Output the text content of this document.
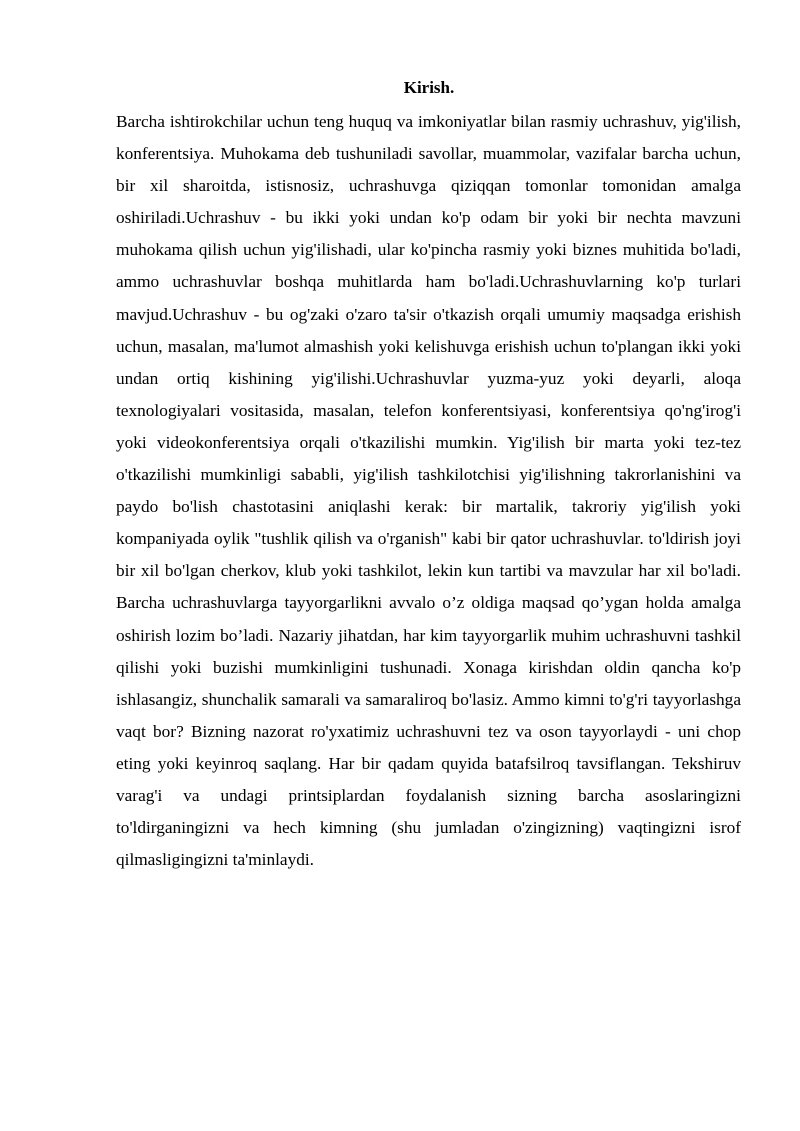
Kirish.

Barcha ishtirokchilar uchun teng huquq va imkoniyatlar bilan rasmiy uchrashuv, yig'ilish, konferentsiya. Muhokama deb tushuniladi savollar, muammolar, vazifalar barcha uchun, bir xil sharoitda, istisnosiz, uchrashuvga qiziqqan tomonlar tomonidan amalga oshiriladi.Uchrashuv - bu ikki yoki undan ko'p odam bir yoki bir nechta mavzuni muhokama qilish uchun yig'ilishadi, ular ko'pincha rasmiy yoki biznes muhitida bo'ladi, ammo uchrashuvlar boshqa muhitlarda ham bo'ladi.Uchrashuvlarning ko'p turlari mavjud.Uchrashuv - bu og'zaki o'zaro ta'sir o'tkazish orqali umumiy maqsadga erishish uchun, masalan, ma'lumot almashish yoki kelishuvga erishish uchun to'plangan ikki yoki undan ortiq kishining yig'ilishi.Uchrashuvlar yuzma-yuz yoki deyarli, aloqa texnologiyalari vositasida, masalan, telefon konferentsiyasi, konferentsiya qo'ng'irog'i yoki videokonferentsiya orqali o'tkazilishi mumkin. Yig'ilish bir marta yoki tez-tez o'tkazilishi mumkinligi sababli, yig'ilish tashkilotchisi yig'ilishning takrorlanishini va paydo bo'lish chastotasini aniqlashi kerak: bir martalik, takroriy yig'ilish yoki kompaniyada oylik "tushlik qilish va o'rganish" kabi bir qator uchrashuvlar. to'ldirish joyi bir xil bo'lgan cherkov, klub yoki tashkilot, lekin kun tartibi va mavzular har xil bo'ladi. Barcha uchrashuvlarga tayyorgarlikni avvalo o’z oldiga maqsad qo’ygan holda amalga oshirish lozim bo’ladi. Nazariy jihatdan, har kim tayyorgarlik muhim uchrashuvni tashkil qilishi yoki buzishi mumkinligini tushunadi. Xonaga kirishdan oldin qancha ko'p ishlasangiz, shunchalik samarali va samaraliroq bo'lasiz. Ammo kimni to'g'ri tayyorlashga vaqt bor? Bizning nazorat ro'yxatimiz uchrashuvni tez va oson tayyorlaydi - uni chop eting yoki keyinroq saqlang. Har bir qadam quyida batafsilroq tavsiflangan. Tekshiruv varag'i va undagi printsiplardan foydalanish sizning barcha asoslaringizni to'ldirganingizni va hech kimning (shu jumladan o'zingizning) vaqtingizni isrof qilmasligingizni ta'minlaydi.
